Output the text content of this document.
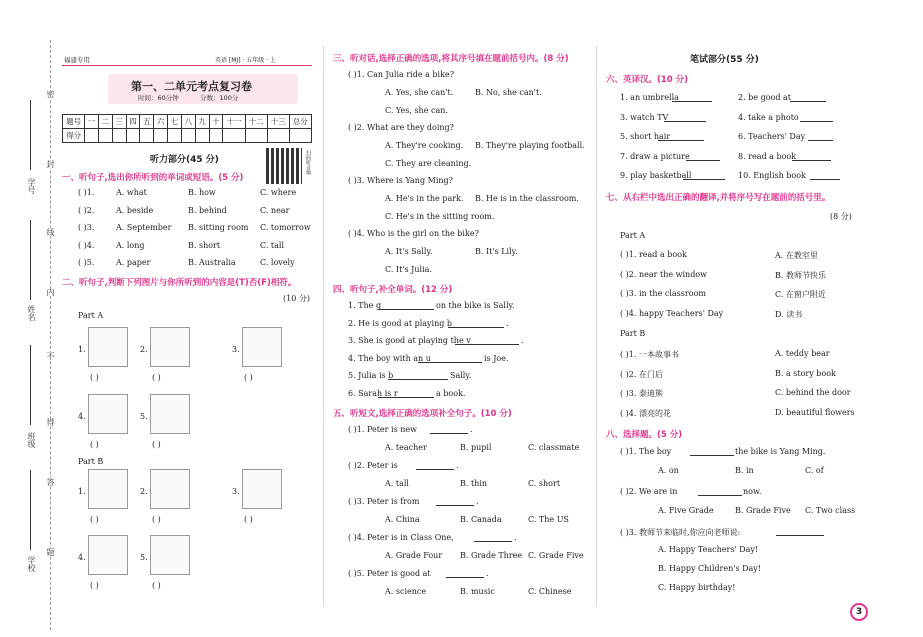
密
封
线
内
不
得
答
题
学号
姓名
班级
学校
福建专用	英语 [MJ] · 五年级 · 上
第一、二单元考点复习卷
时间：60分钟	分数：100分
题号	一	二	三	四	五	六	七	八	九	十	十一	十二	十三	总分
得分														
听力部分(45 分)	扫码听音频
一、听句子,选出你所听到的单词或短语。(5 分)
( )1.	A. what	B. how	C. where
( )2.	A. beside	B. behind	C. near
( )3.	A. September B. sitting room C. tomorrow
( )4.	A. long	B. short	C. tall
( )5.	A. paper	B. Australia	C. lovely
二、听句子,判断下列图片与你所听到的内容是(T)否(F)相符。
(10 分)
Part A
Part B
1.
( )
2.
( )
3.
( )
4.
( )
5.
( )
1.
( )
2.
( )
3.
( )
4.
( )
5.
( )
三、听对话,选择正确的选项,将其序号填在题前括号内。(8 分)
( )1. Can Julia ride a bike?
A. Yes, she can't.	B. No, she can't.
C. Yes, she can.
( )2. What are they doing?
A. They're cooking. B. They're playing football.
C. They are cleaning.
( )3. Where is Yang Ming?
A. He's in the park. B. He is in the classroom.
C. He's in the sitting room.
( )4. Who is the girl on the bike?
A. It's Sally.	B. It's Lily.
C. It's Julia.
四、听句子,补全单词。(12 分)
1. The g	on the bike is Sally.
2. He is good at playing b	.
3. She is good at playing the v	.
4. The boy with an u	is Joe.
5. Julia is b	Sally.
6. Sarah is r	a book.
五、听短文,选择正确的选项补全句子。(10 分)
( )1. Peter is new	.
A. teacher	B. pupil	C. classmate
( )2. Peter is	.
A. tall	B. thin	C. short
( )3. Peter is from	.
A. China	B. Canada	C. The US
( )4. Peter is in Class One,	.
A. Grade Four B. Grade Three C. Grade Five
( )5. Peter is good at	.
A. science	B. music	C. Chinese
笔试部分(55 分)
六、英译汉。(10 分)
1. an umbrella	2. be good at
3. watch TV	4. take a photo
5. short hair	6. Teachers' Day
7. draw a picture	8. read a book
9. play basketball	10. English book
七、从右栏中选出正确的翻译,并将序号写在题前的括号里。
(8 分)
Part A
Part B
( )1. read a book	A. 在教室里
( )2. near the window	B. 教师节快乐
( )3. in the classroom	C. 在窗户附近
( )4. happy Teachers' Day	D. 读书
( )1. 一本故事书	A. teddy bear
( )2. 在门后	B. a story book
( )3. 泰迪熊	C. behind the door
( )4. 漂亮的花	D. beautiful flowers
八、选择题。(5 分)
( )1. The boy	the bike is Yang Ming.
A. on	B. in	C. of
( )2. We are in	now.
A. Five Grade	B. Grade Five C. Two class
( )3. 教师节来临时,你应向老师说:
A. Happy Teachers' Day!
B. Happy Children's Day!
C. Happy birthday!
3
